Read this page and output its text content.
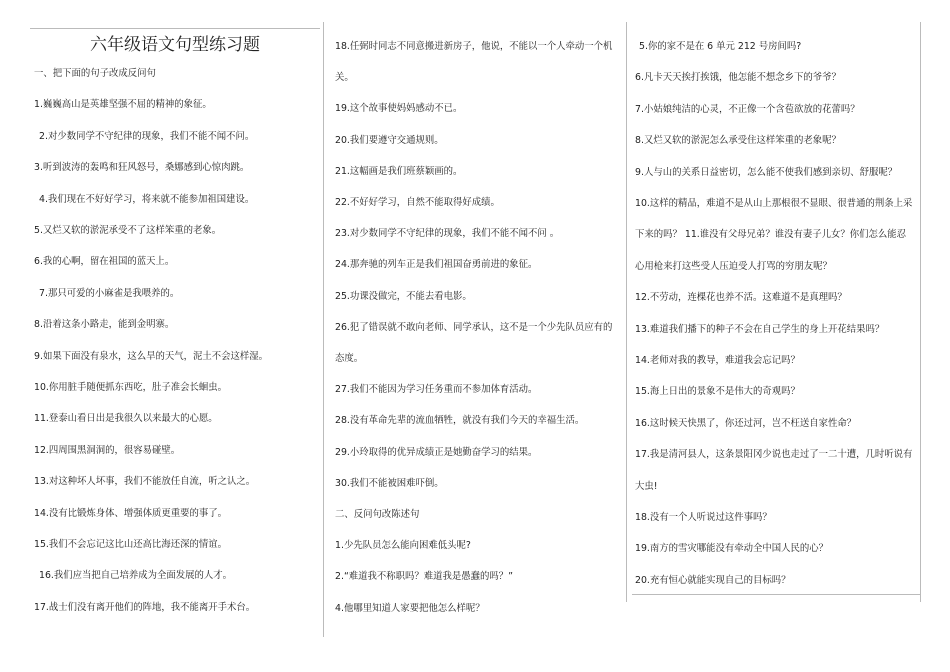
六年级语文句型练习题
一、把下面的句子改成反问句
1.巍巍高山是英雄坚强不屈的精神的象征。
2.对少数同学不守纪律的现象，我们不能不闻不问。
3.听到波涛的轰鸣和狂风怒号，桑娜感到心惊肉跳。
4.我们现在不好好学习，将来就不能参加祖国建设。
5.又烂又软的淤泥承受不了这样笨重的老象。
6.我的心啊，留在祖国的蓝天上。
7.那只可爱的小麻雀是我喂养的。
8.沿着这条小路走，能到金明寨。
9.如果下面没有泉水，这么旱的天气，泥土不会这样湿。
10.你用脏手随便抓东西吃，肚子准会长蛔虫。
11.登泰山看日出是我很久以来最大的心愿。
12.四周围黑洞洞的，很容易碰壁。
13.对这种坏人坏事，我们不能放任自流，听之认之。
14.没有比锻炼身体、增强体质更重要的事了。
15.我们不会忘记这比山还高比海还深的情谊。
16.我们应当把自己培养成为全面发展的人才。
17.战士们没有离开他们的阵地，我不能离开手术台。
18.任弼时同志不同意搬进新房子，他说，不能以一个人牵动一个机
关。
19.这个故事使妈妈感动不已。
20.我们要遵守交通规则。
21.这幅画是我们班蔡颖画的。
22.不好好学习，自然不能取得好成绩。
23.对少数同学不守纪律的现象，我们不能不闻不问 。
24.那奔驰的列车正是我们祖国奋勇前进的象征。
25.功课没做完，不能去看电影。
26.犯了错误就不敢向老师、同学承认，这不是一个少先队员应有的
态度。
27.我们不能因为学习任务重而不参加体育活动。
28.没有革命先辈的流血牺牲，就没有我们今天的幸福生活。
29.小玲取得的优异成绩正是她勤奋学习的结果。
30.我们不能被困难吓倒。
二、反问句改陈述句
1.少先队员怎么能向困难低头呢?
2.“难道我不称职吗？难道我是愚蠢的吗？”
4.他哪里知道人家要把他怎么样呢？
5.你的家不是在 6 单元 212 号房间吗?
6.凡卡天天挨打挨饿，他怎能不想念乡下的爷爷？
7.小姑娘纯洁的心灵，不正像一个含苞欲放的花蕾吗？
8.又烂又软的淤泥怎么承受住这样笨重的老象呢？
9.人与山的关系日益密切，怎么能不使我们感到亲切、舒服呢？
10.这样的精品，难道不是从山上那根很不显眼、很普通的荆条上采
下来的吗？ 11.谁没有父母兄弟？谁没有妻子儿女？你们怎么能忍
心用枪来打这些受人压迫受人打骂的穷朋友呢？
12.不劳动，连棵花也养不活。这难道不是真理吗？
13.难道我们播下的种子不会在自己学生的身上开花结果吗？
14.老师对我的教导，难道我会忘记吗？
15.海上日出的景象不是伟大的奇观吗？
16.这时候天快黑了，你还过河，岂不枉送自家性命？
17.我是清河县人，这条景阳冈少说也走过了一二十遭，几时听说有
大虫!
18.没有一个人听说过这件事吗？
19.南方的雪灾哪能没有牵动全中国人民的心？
20.充有恒心就能实现自己的目标吗？
